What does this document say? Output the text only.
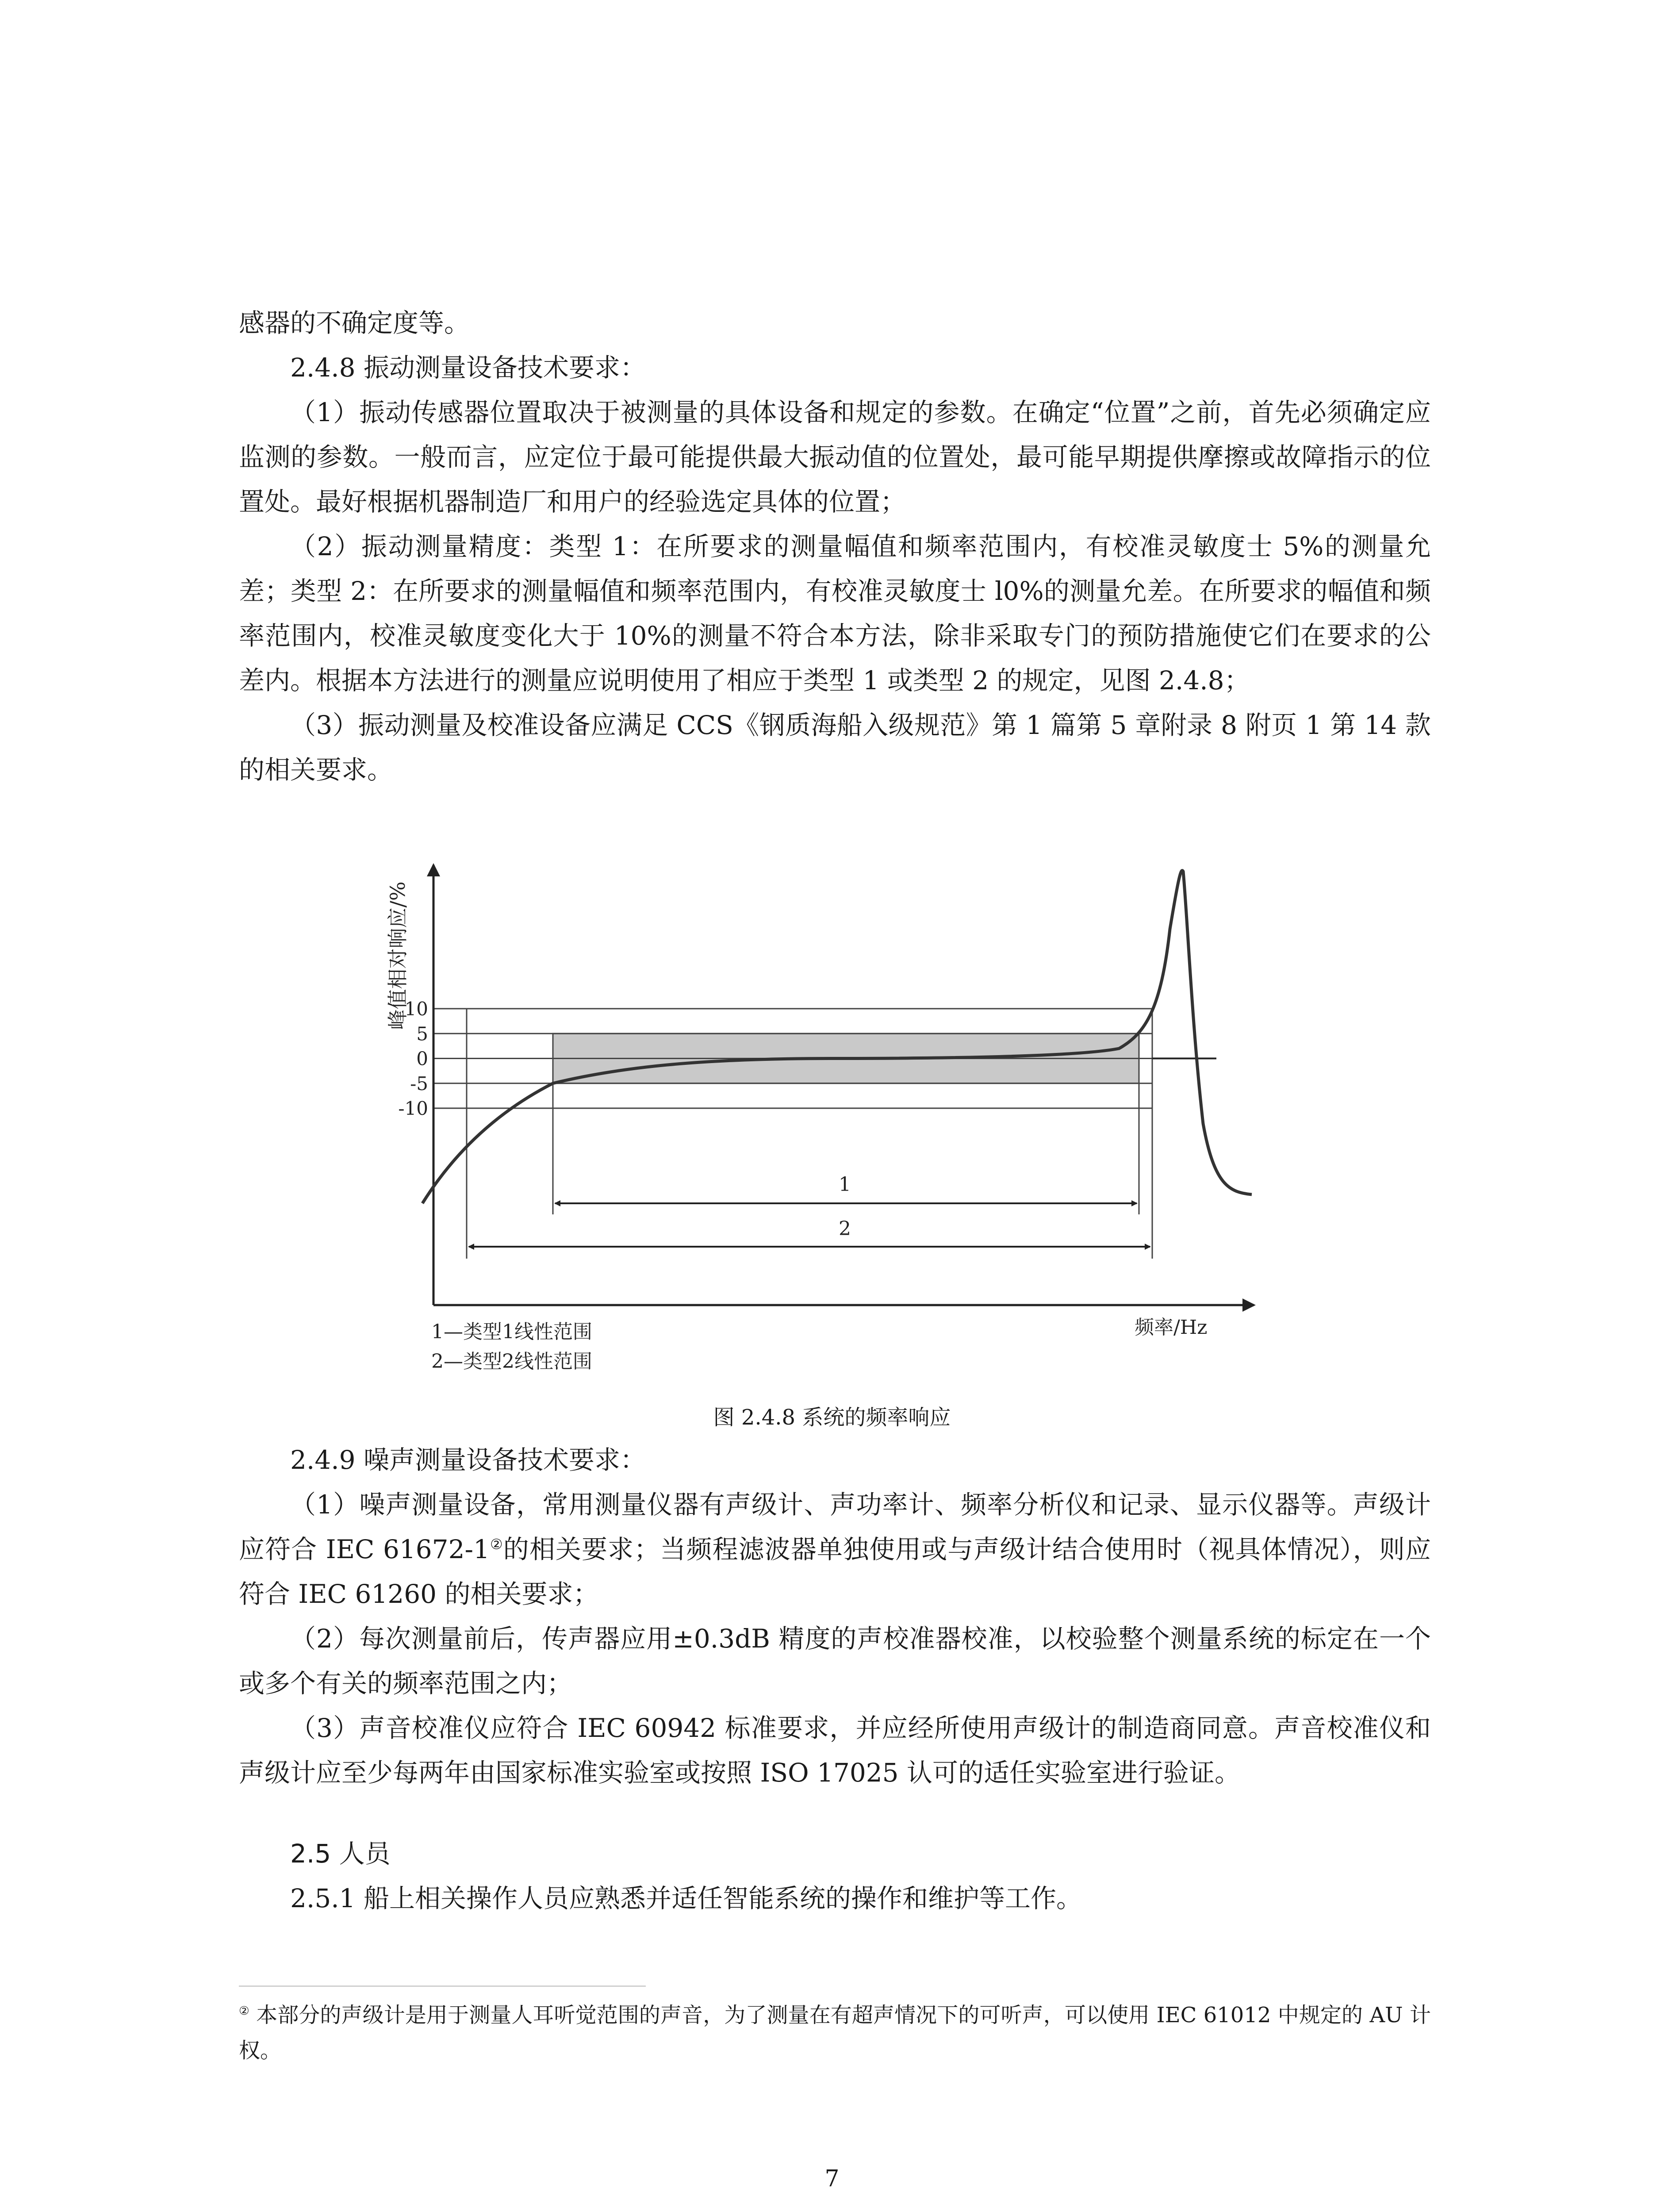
感器的不确定度等。

2.4.8 振动测量设备技术要求：

（1）振动传感器位置取决于被测量的具体设备和规定的参数。在确定“位置”之前，首先必须确定应监测的参数。一般而言，应定位于最可能提供最大振动值的位置处，最可能早期提供摩擦或故障指示的位置处。最好根据机器制造厂和用户的经验选定具体的位置；

（2）振动测量精度：类型 1：在所要求的测量幅值和频率范围内，有校准灵敏度士 5%的测量允差；类型 2：在所要求的测量幅值和频率范围内，有校准灵敏度士 l0%的测量允差。在所要求的幅值和频率范围内，校准灵敏度变化大于 10%的测量不符合本方法，除非采取专门的预防措施使它们在要求的公差内。根据本方法进行的测量应说明使用了相应于类型 1 或类型 2 的规定，见图 2.4.8；

（3）振动测量及校准设备应满足 CCS《钢质海船入级规范》第 1 篇第 5 章附录 8 附页 1 第 14 款的相关要求。

1
2
10
5
0
-5
-10
峰值相对响应/%
频率/Hz
1—类型1线性范围
2—类型2线性范围
图 2.4.8 系统的频率响应

2.4.9 噪声测量设备技术要求：

（1）噪声测量设备，常用测量仪器有声级计、声功率计、频率分析仪和记录、显示仪器等。声级计应符合 IEC 61672-1②的相关要求；当频程滤波器单独使用或与声级计结合使用时（视具体情况），则应符合 IEC 61260 的相关要求；

（2）每次测量前后，传声器应用±0.3dB 精度的声校准器校准，以校验整个测量系统的标定在一个或多个有关的频率范围之内；

（3）声音校准仪应符合 IEC 60942 标准要求，并应经所使用声级计的制造商同意。声音校准仪和声级计应至少每两年由国家标准实验室或按照 ISO 17025 认可的适任实验室进行验证。

2.5 人员

2.5.1 船上相关操作人员应熟悉并适任智能系统的操作和维护等工作。

② 本部分的声级计是用于测量人耳听觉范围的声音，为了测量在有超声情况下的可听声，可以使用 IEC 61012 中规定的 AU 计权。
7
